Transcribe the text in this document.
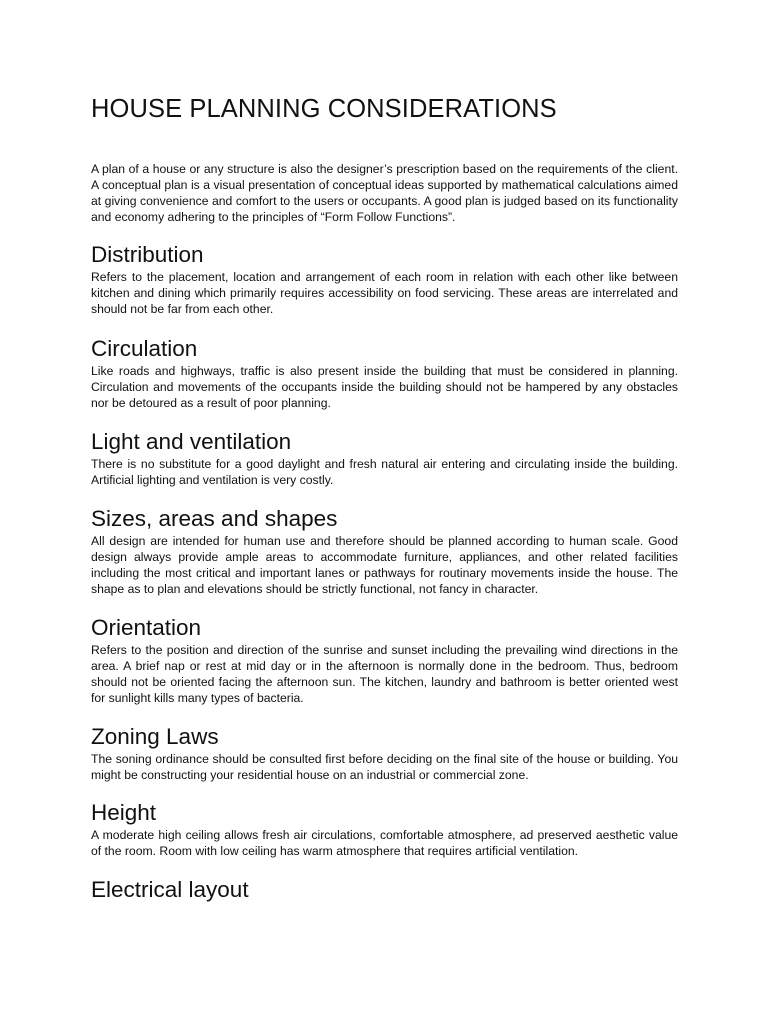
HOUSE PLANNING CONSIDERATIONS

A plan of a house or any structure is also the designer’s prescription based on the requirements of the client. A conceptual plan is a visual presentation of conceptual ideas supported by mathematical calculations aimed at giving convenience and comfort to the users or occupants. A good plan is judged based on its functionality and economy adhering to the principles of “Form Follow Functions”.

Distribution

Refers to the placement, location and arrangement of each room in relation with each other like between kitchen and dining which primarily requires accessibility on food servicing. These areas are interrelated and should not be far from each other.

Circulation

Like roads and highways, traffic is also present inside the building that must be considered in planning. Circulation and movements of the occupants inside the building should not be hampered by any obstacles nor be detoured as a result of poor planning.

Light and ventilation

There is no substitute for a good daylight and fresh natural air entering and circulating inside the building. Artificial lighting and ventilation is very costly.

Sizes, areas and shapes

All design are intended for human use and therefore should be planned according to human scale. Good design always provide ample areas to accommodate furniture, appliances, and other related facilities including the most critical and important lanes or pathways for routinary movements inside the house. The shape as to plan and elevations should be strictly functional, not fancy in character.

Orientation

Refers to the position and direction of the sunrise and sunset including the prevailing wind directions in the area. A brief nap or rest at mid day or in the afternoon is normally done in the bedroom. Thus, bedroom should not be oriented facing the afternoon sun. The kitchen, laundry and bathroom is better oriented west for sunlight kills many types of bacteria.

Zoning Laws

The soning ordinance should be consulted first before deciding on the final site of the house or building. You might be constructing your residential house on an industrial or commercial zone.

Height

A moderate high ceiling allows fresh air circulations, comfortable atmosphere, ad preserved aesthetic value of the room. Room with low ceiling has warm atmosphere that requires artificial ventilation.

Electrical layout
